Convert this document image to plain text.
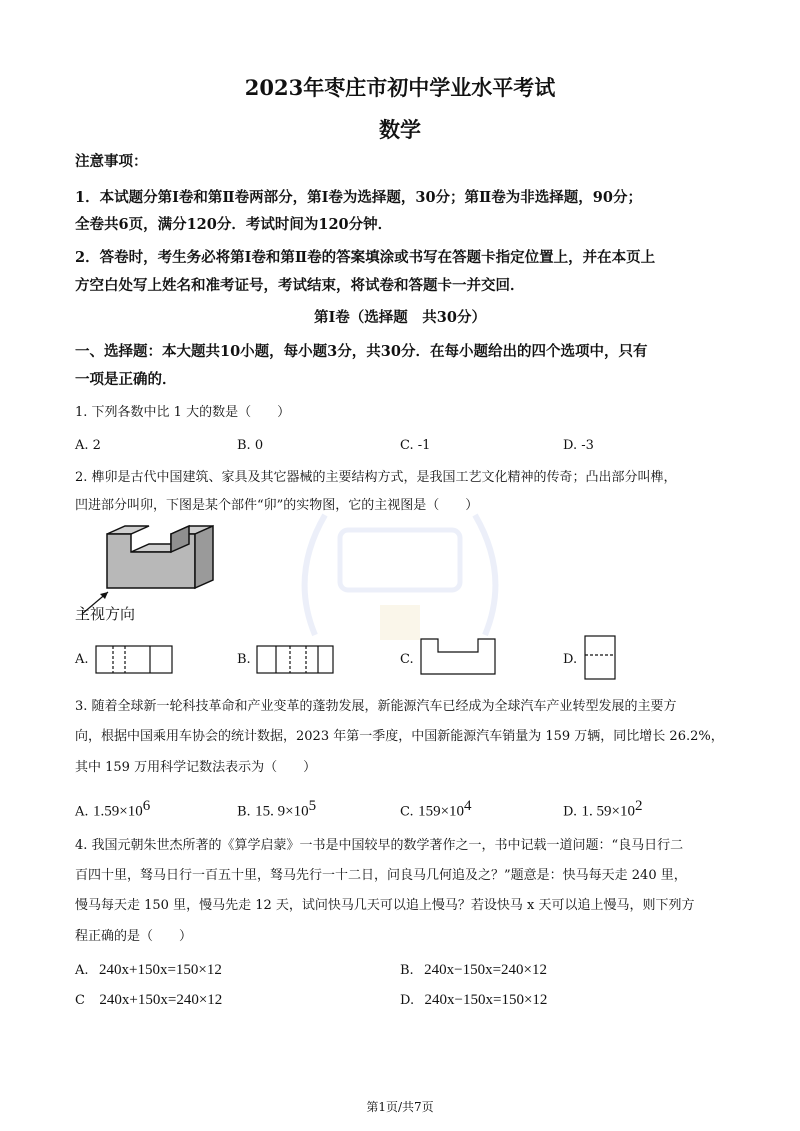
2023年枣庄市初中学业水平考试
数学
注意事项：
1．本试题分第Ⅰ卷和第Ⅱ卷两部分，第Ⅰ卷为选择题，30分；第Ⅱ卷为非选择题，90分；
全卷共6页，满分120分．考试时间为120分钟．
2．答卷时，考生务必将第Ⅰ卷和第Ⅱ卷的答案填涂或书写在答题卡指定位置上，并在本页上
方空白处写上姓名和准考证号，考试结束，将试卷和答题卡一并交回．
第Ⅰ卷（选择题　共30分）
一、选择题：本大题共10小题，每小题3分，共30分．在每小题给出的四个选项中，只有
一项是正确的．
1. 下列各数中比 1 大的数是（　　）
A. 2	B. 0	C. -1	D. -3
2. 榫卯是古代中国建筑、家具及其它器械的主要结构方式，是我国工艺文化精神的传奇；凸出部分叫榫，
凹进部分叫卯，下图是某个部件“卯”的实物图，它的主视图是（　　）
主视方向
A.	B.	C.	D.
3. 随着全球新一轮科技革命和产业变革的蓬勃发展，新能源汽车已经成为全球汽车产业转型发展的主要方
向，根据中国乘用车协会的统计数据，2023 年第一季度，中国新能源汽车销量为 159 万辆，同比增长 26.2%，
其中 159 万用科学记数法表示为（　　）
A. $1.59\times 10^6$	B. 15. $9\times 10^5$	C. $159\times 10^4$	D. 1. $59\times 10^2$
4. 我国元朝朱世杰所著的《算学启蒙》一书是中国较早的数学著作之一，书中记载一道问题：“良马日行二
百四十里，驽马日行一百五十里，驽马先行一十二日，问良马几何追及之？”题意是：快马每天走 240 里，
慢马每天走 150 里，慢马先走 12 天，试问快马几天可以追上慢马？若设快马 x 天可以追上慢马，则下列方
程正确的是（　　）
A. 240x+150x=150×12	B. 240x−150x=240×12
C 240x+150x=240×12	D. 240x−150x=150×12
第1页/共7页
